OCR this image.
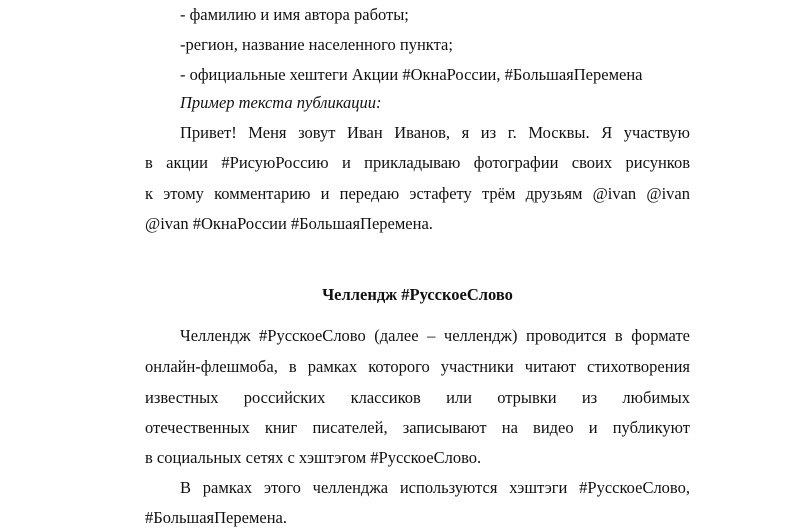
- фамилию и имя автора работы;
-регион, название населенного пункта;
- официальные хештеги Акции #ОкнаРоссии, #БольшаяПеремена
Пример текста публикации:
Привет! Меня зовут Иван Иванов, я из г. Москвы. Я участвую
в акции #РисуюРоссию и прикладываю фотографии своих рисунков
к этому комментарию и передаю эстафету трём друзьям @ivan @ivan
@ivan #ОкнаРоссии #БольшаяПеремена.
Челлендж #РусскоеСлово
Челлендж #РусскоеСлово (далее – челлендж) проводится в формате
онлайн-флешмоба, в рамках которого участники читают стихотворения
известных российских классиков или отрывки из любимых
отечественных книг писателей, записывают на видео и публикуют
в социальных сетях с хэштэгом #РусскоеСлово.
В рамках этого челленджа используются хэштэги #РусскоеСлово,
#БольшаяПеремена.
